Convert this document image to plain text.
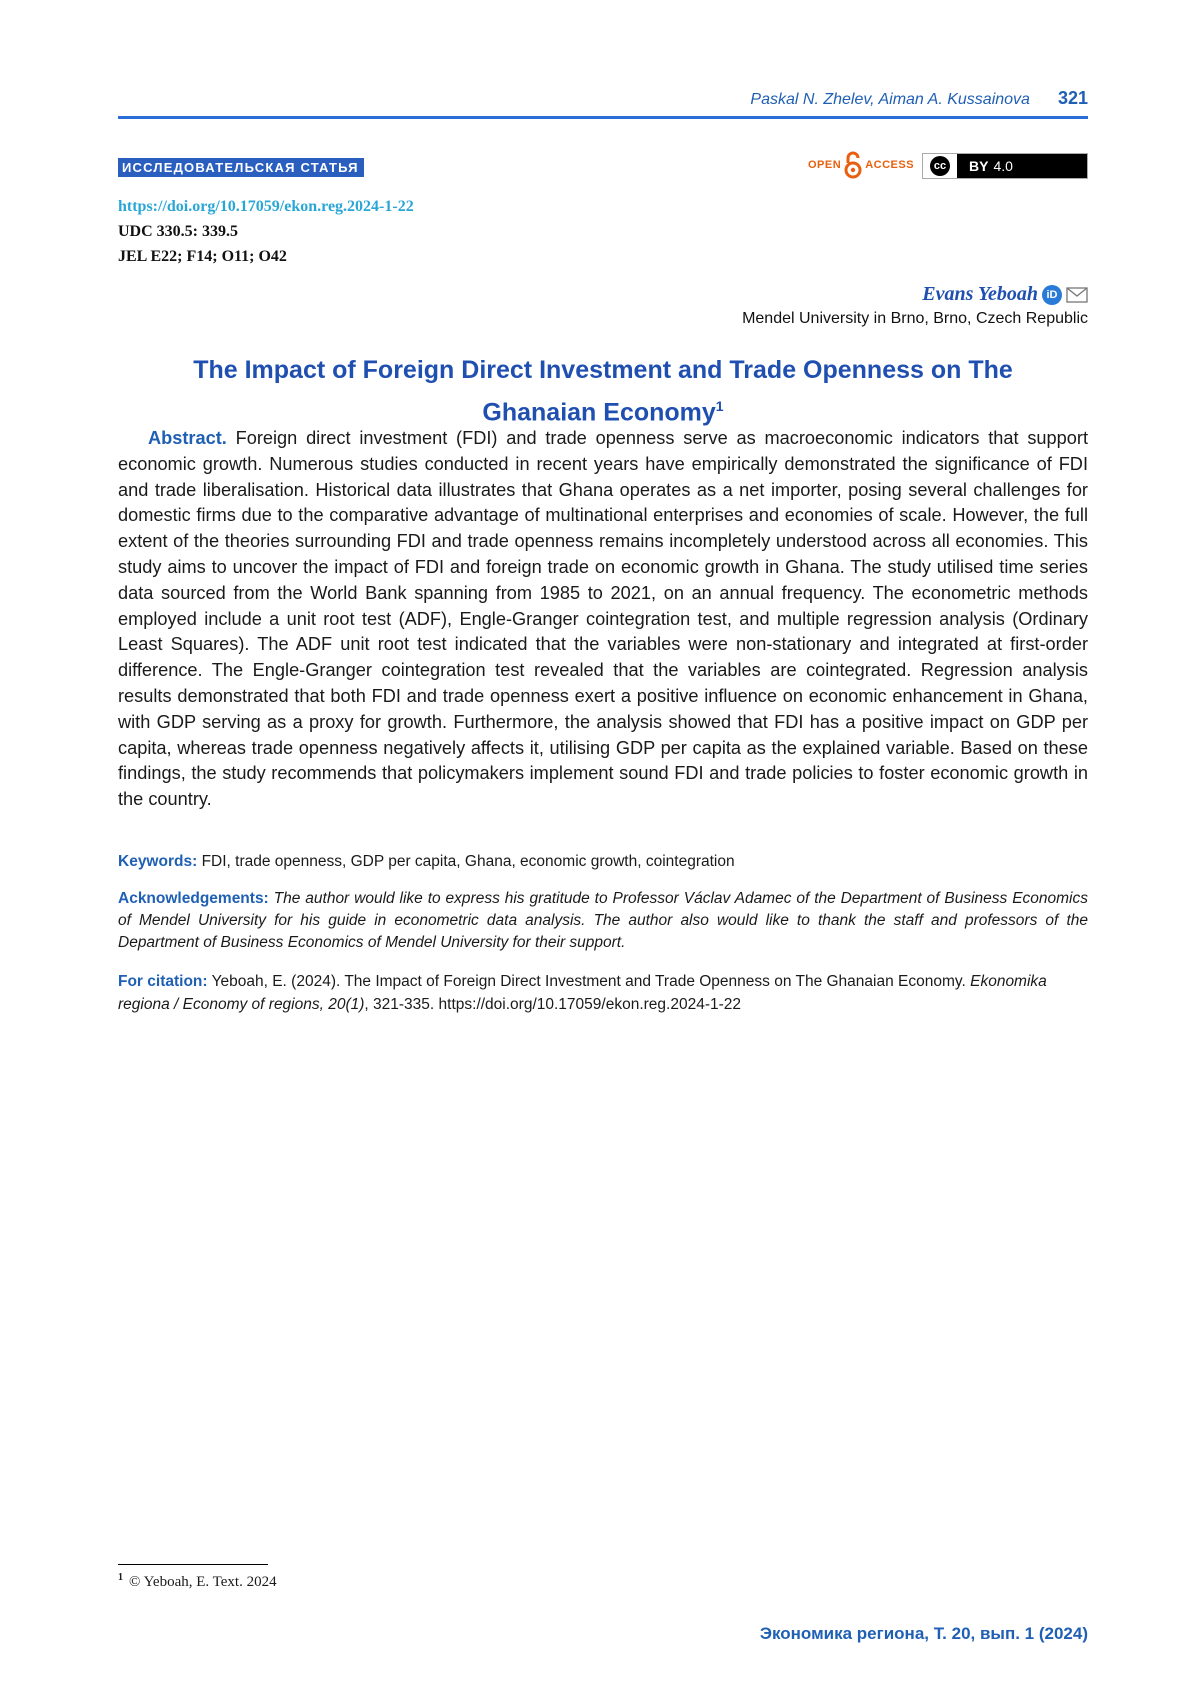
Paskal N. Zhelev, Aiman A. Kussainova 321
ИССЛЕДОВАТЕЛЬСКАЯ СТАТЬЯ	OPEN ACCESS	cc BY 4.0
https://doi.org/10.17059/ekon.reg.2024-1-22
UDC 330.5: 339.5
JEL E22; F14; O11; O42
Evans Yeboah iD
Mendel University in Brno, Brno, Czech Republic
The Impact of Foreign Direct Investment and Trade Openness on The Ghanaian Economy$^1$
Abstract. Foreign direct investment (FDI) and trade openness serve as macroeconomic indicators that support economic growth. Numerous studies conducted in recent years have empirically demonstrated the significance of FDI and trade liberalisation. Historical data illustrates that Ghana operates as a net importer, posing several challenges for domestic firms due to the comparative advantage of multinational enterprises and economies of scale. However, the full extent of the theories surrounding FDI and trade openness remains incompletely understood across all economies. This study aims to uncover the impact of FDI and foreign trade on economic growth in Ghana. The study utilised time series data sourced from the World Bank spanning from 1985 to 2021, on an annual frequency. The econometric methods employed include a unit root test (ADF), Engle-Granger cointegration test, and multiple regression analysis (Ordinary Least Squares). The ADF unit root test indicated that the variables were non-stationary and integrated at first-order difference. The Engle-Granger cointegration test revealed that the variables are cointegrated. Regression analysis results demonstrated that both FDI and trade openness exert a positive influence on economic enhancement in Ghana, with GDP serving as a proxy for growth. Furthermore, the analysis showed that FDI has a positive impact on GDP per capita, whereas trade openness negatively affects it, utilising GDP per capita as the explained variable. Based on these findings, the study recommends that policymakers implement sound FDI and trade policies to foster economic growth in the country.
Keywords: FDI, trade openness, GDP per capita, Ghana, economic growth, cointegration
Acknowledgements: The author would like to express his gratitude to Professor Václav Adamec of the Department of Business Economics of Mendel University for his guide in econometric data analysis. The author also would like to thank the staff and professors of the Department of Business Economics of Mendel University for their support.
For citation: Yeboah, E. (2024). The Impact of Foreign Direct Investment and Trade Openness on The Ghanaian Economy. Ekonomika regiona / Economy of regions, 20(1), 321-335. https://doi.org/10.17059/ekon.reg.2024-1-22
$^1$ © Yeboah, E. Text. 2024
Экономика региона, Т. 20, вып. 1 (2024)
